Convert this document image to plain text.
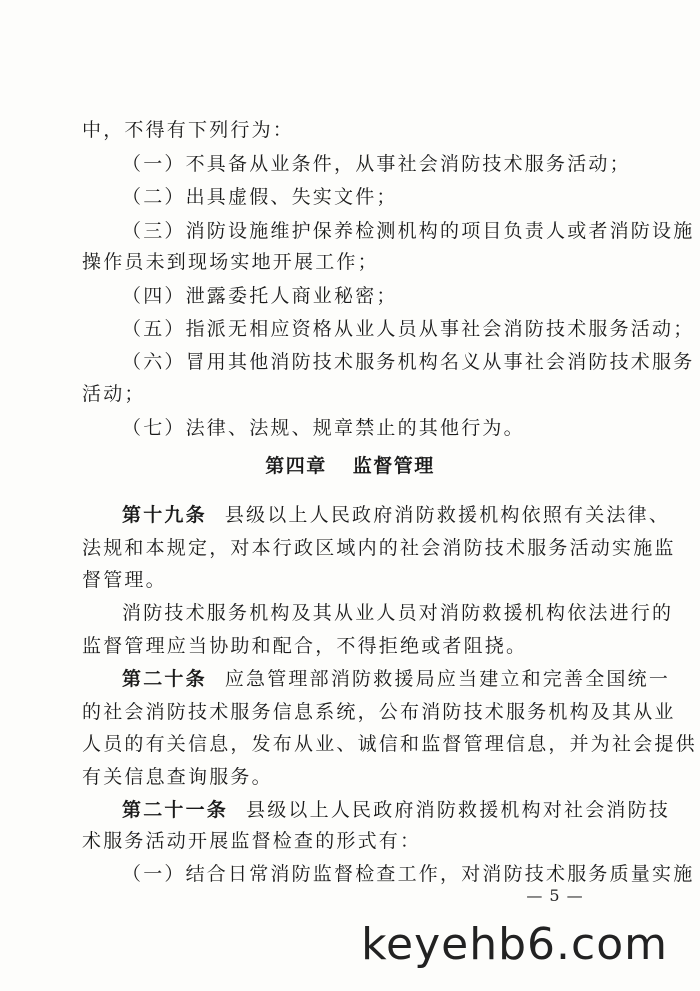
中，不得有下列行为：
（一）不具备从业条件，从事社会消防技术服务活动；
（二）出具虚假、失实文件；
（三）消防设施维护保养检测机构的项目负责人或者消防设施
操作员未到现场实地开展工作；
（四）泄露委托人商业秘密；
（五）指派无相应资格从业人员从事社会消防技术服务活动；
（六）冒用其他消防技术服务机构名义从事社会消防技术服务
活动；
（七）法律、法规、规章禁止的其他行为。
第四章 监督管理
第十九条 县级以上人民政府消防救援机构依照有关法律、
法规和本规定，对本行政区域内的社会消防技术服务活动实施监
督管理。
消防技术服务机构及其从业人员对消防救援机构依法进行的
监督管理应当协助和配合，不得拒绝或者阻挠。
第二十条 应急管理部消防救援局应当建立和完善全国统一
的社会消防技术服务信息系统，公布消防技术服务机构及其从业
人员的有关信息，发布从业、诚信和监督管理信息，并为社会提供
有关信息查询服务。
第二十一条 县级以上人民政府消防救援机构对社会消防技
术服务活动开展监督检查的形式有：
（一）结合日常消防监督检查工作，对消防技术服务质量实施
— 5 —
keyehb6.com
